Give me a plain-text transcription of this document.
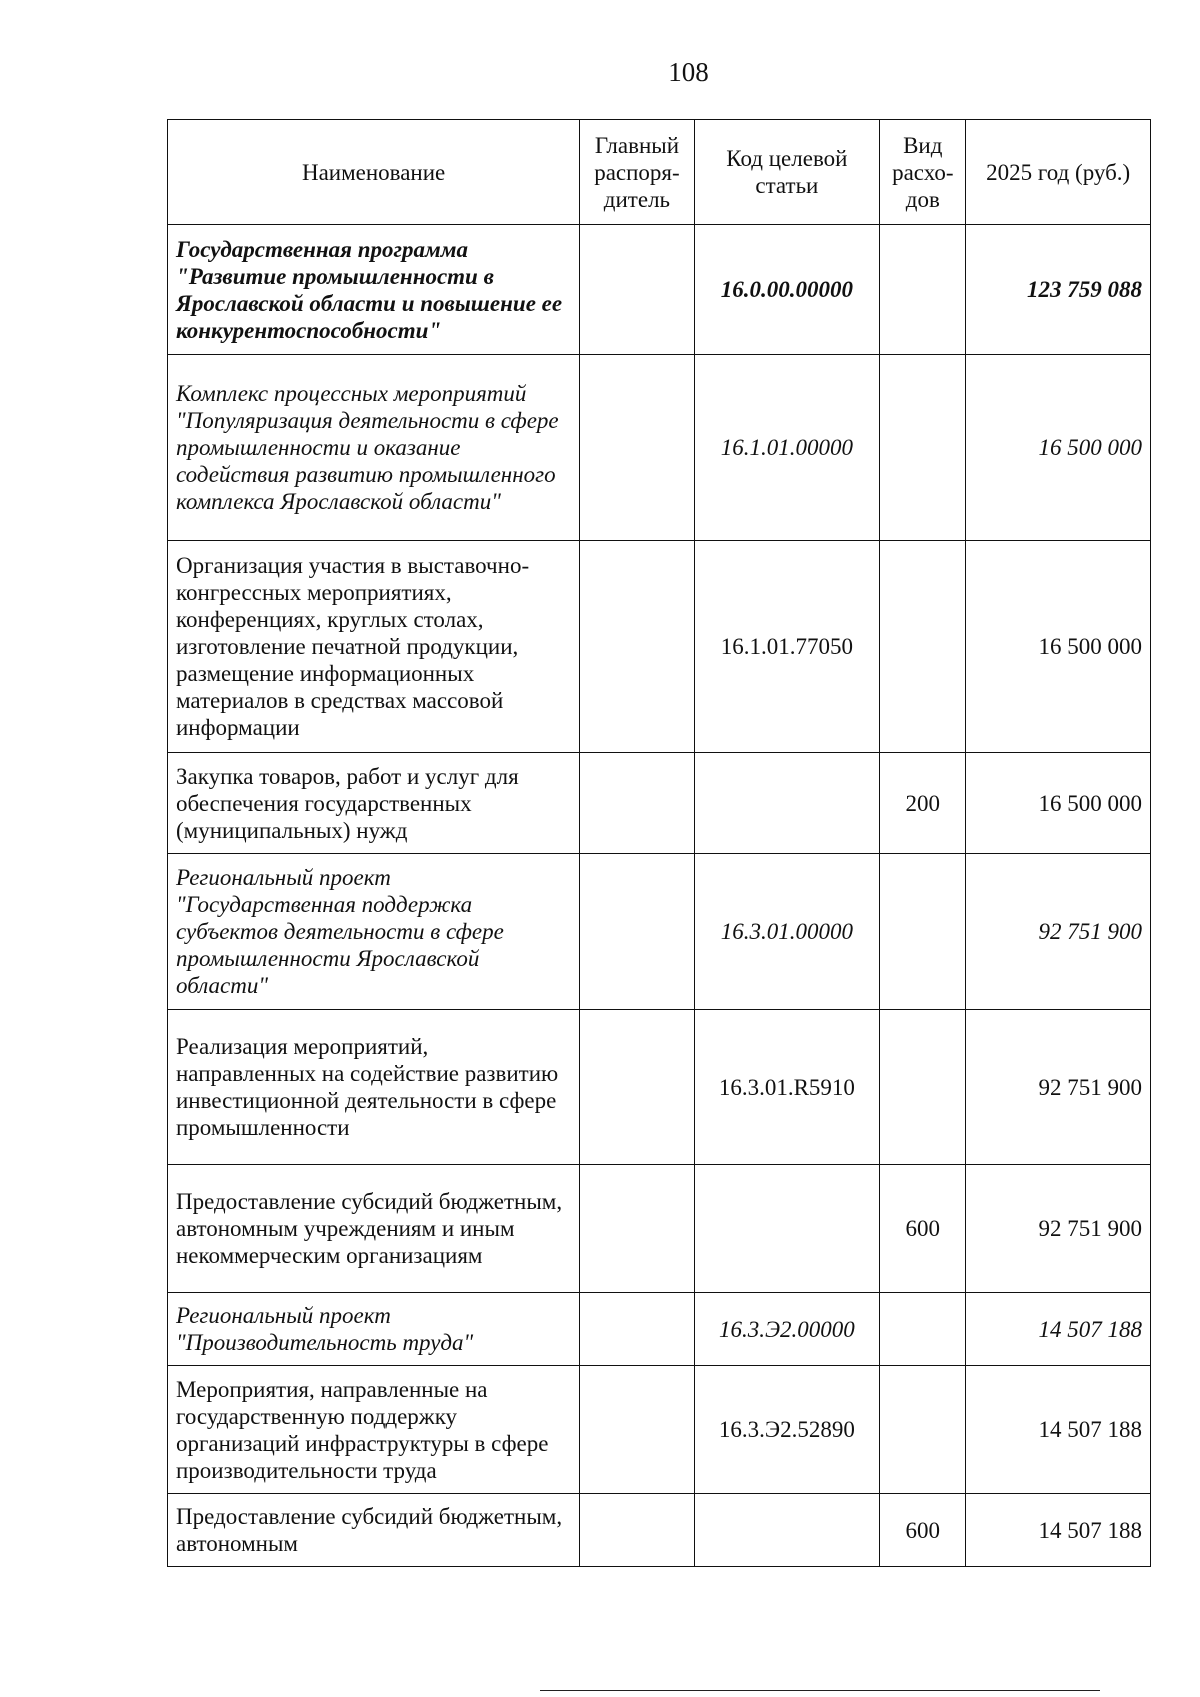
108
Наименование	Главный распоря-дитель	Код целевой статьи	Вид расхо-дов	2025 год (руб.)
Государственная программа "Развитие промышленности в Ярославской области и повышение ее конкурентоспособности"		16.0.00.00000		123 759 088
Комплекс процессных мероприятий "Популяризация деятельности в сфере промышленности и оказание содействия развитию промышленного комплекса Ярославской области"		16.1.01.00000		16 500 000
Организация участия в выставочно-конгрессных мероприятиях, конференциях, круглых столах, изготовление печатной продукции, размещение информационных материалов в средствах массовой информации		16.1.01.77050		16 500 000
Закупка товаров, работ и услуг для обеспечения государственных (муниципальных) нужд			200	16 500 000
Региональный проект "Государственная поддержка субъектов деятельности в сфере промышленности Ярославской области"		16.3.01.00000		92 751 900
Реализация мероприятий, направленных на содействие развитию инвестиционной деятельности в сфере промышленности		16.3.01.R5910		92 751 900
Предоставление субсидий бюджетным, автономным учреждениям и иным некоммерческим организациям			600	92 751 900
Региональный проект "Производительность труда"		16.3.Э2.00000		14 507 188
Мероприятия, направленные на государственную поддержку организаций инфраструктуры в сфере производительности труда		16.3.Э2.52890		14 507 188
Предоставление субсидий бюджетным, автономным			600	14 507 188
